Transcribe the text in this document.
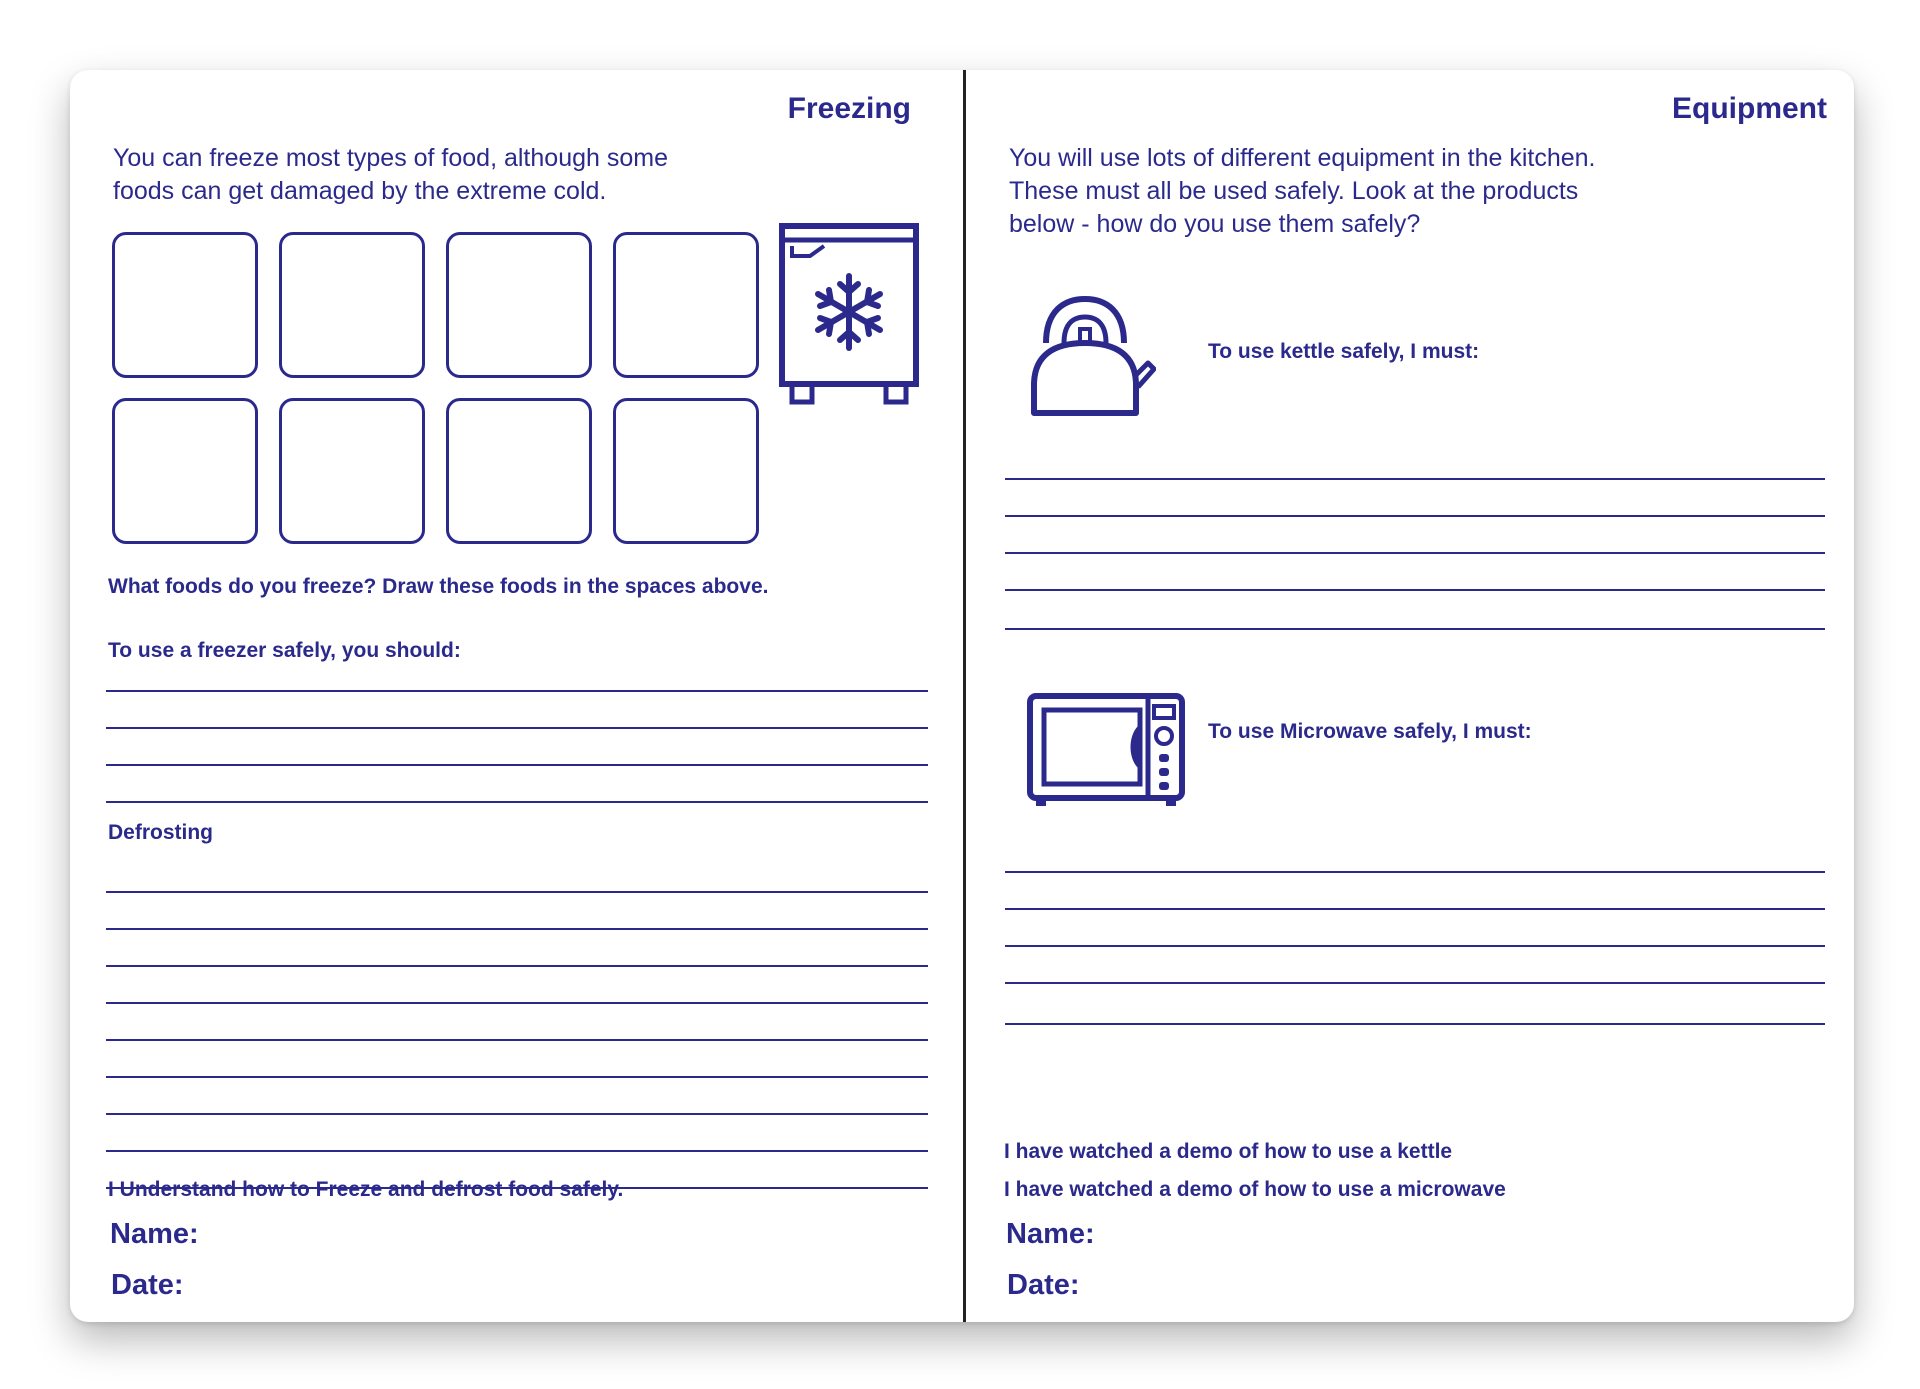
Freezing
You can freeze most types of food, although some
foods can get damaged by the extreme cold.
What foods do you freeze? Draw these foods in the spaces above.
To use a freezer safely, you should:
Defrosting
I Understand how to Freeze and defrost food safely.
Name:
Date:
Equipment
You will use lots of different equipment in the kitchen.
These must all be used safely. Look at the products
below - how do you use them safely?
To use kettle safely, I must:
To use Microwave safely, I must:
I have watched a demo of how to use a kettle
I have watched a demo of how to use a microwave
Name:
Date:
